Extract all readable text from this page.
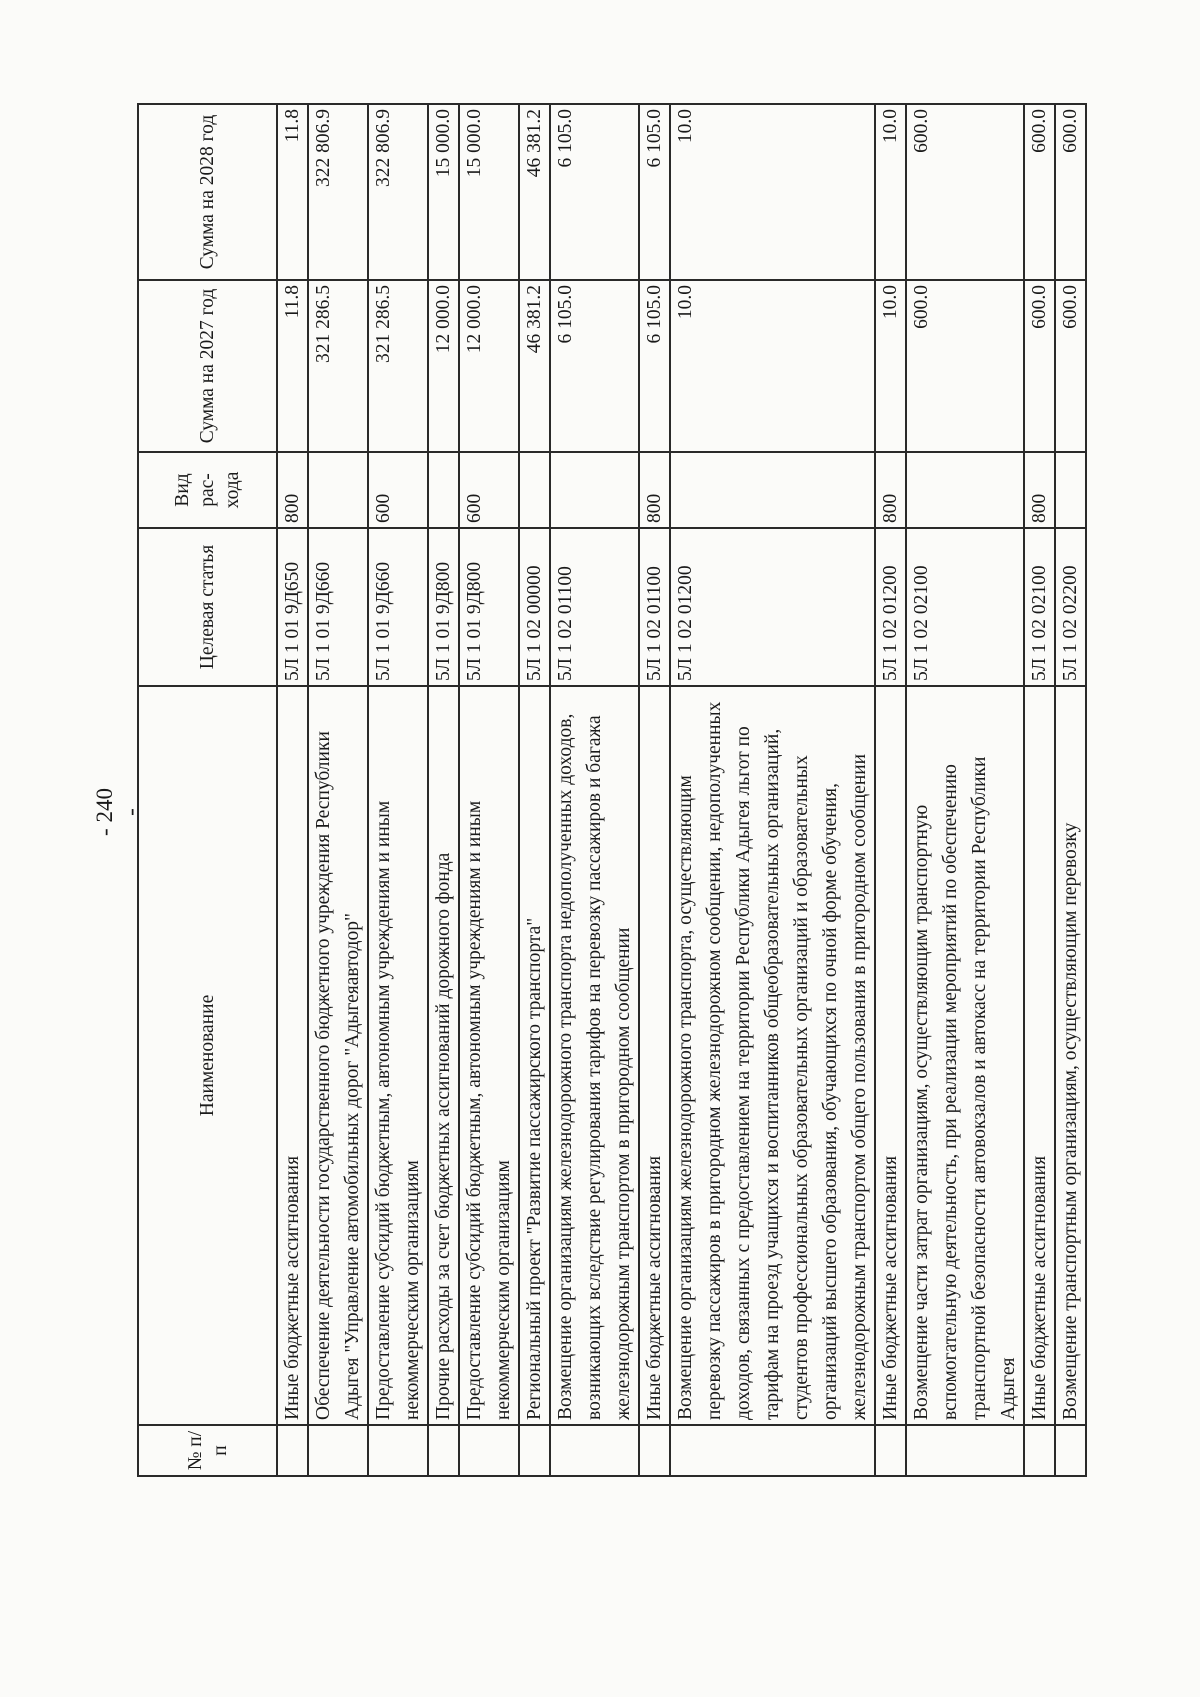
- 240 -
№ п/п	Наименование	Целевая статья	Вид рас-хода	Сумма на 2027 год	Сумма на 2028 год
	Иные бюджетные ассигнования	5Л 1 01 9Д650	800	11.8	11.8
	Обеспечение деятельности государственного бюджетного учреждения Республики Адыгея "Управление автомобильных дорог "Адыгеяавтодор"	5Л 1 01 9Д660		321 286.5	322 806.9
	Предоставление субсидий бюджетным, автономным учреждениям и иным некоммерческим организациям	5Л 1 01 9Д660	600	321 286.5	322 806.9
	Прочие расходы за счет бюджетных ассигнований дорожного фонда	5Л 1 01 9Д800		12 000.0	15 000.0
	Предоставление субсидий бюджетным, автономным учреждениям и иным некоммерческим организациям	5Л 1 01 9Д800	600	12 000.0	15 000.0
	Региональный проект "Развитие пассажирского транспорта"	5Л 1 02 00000		46 381.2	46 381.2
	Возмещение организациям железнодорожного транспорта недополученных доходов, возникающих вследствие регулирования тарифов на перевозку пассажиров и багажа железнодорожным транспортом в пригородном сообщении	5Л 1 02 01100		6 105.0	6 105.0
	Иные бюджетные ассигнования	5Л 1 02 01100	800	6 105.0	6 105.0
	Возмещение организациям железнодорожного транспорта, осуществляющим перевозку пассажиров в пригородном железнодорожном сообщении, недополученных доходов, связанных с предоставлением на территории Республики Адыгея льгот по тарифам на проезд учащихся и воспитанников общеобразовательных организаций, студентов профессиональных образовательных организаций и образовательных организаций высшего образования, обучающихся по очной форме обучения, железнодорожным транспортом общего пользования в пригородном сообщении	5Л 1 02 01200		10.0	10.0
	Иные бюджетные ассигнования	5Л 1 02 01200	800	10.0	10.0
	Возмещение части затрат организациям, осуществляющим транспортную вспомогательную деятельность, при реализации мероприятий по обеспечению транспортной безопасности автовокзалов и автокасс на территории Республики Адыгея	5Л 1 02 02100		600.0	600.0
	Иные бюджетные ассигнования	5Л 1 02 02100	800	600.0	600.0
	Возмещение транспортным организациям, осуществляющим перевозку	5Л 1 02 02200		600.0	600.0
